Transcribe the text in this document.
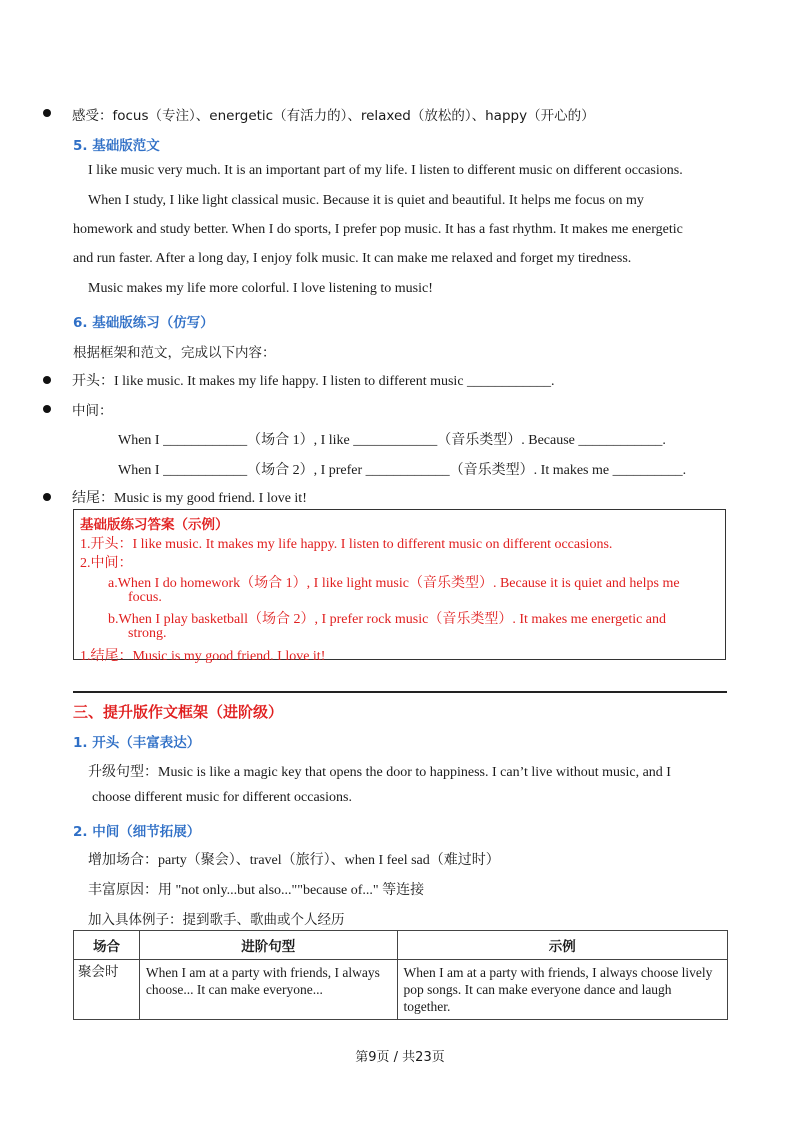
感受：focus（专注）、energetic（有活力的）、relaxed（放松的）、happy（开心的）
5. 基础版范文
I like music very much. It is an important part of my life. I listen to different music on different occasions.
When I study, I like light classical music. Because it is quiet and beautiful. It helps me focus on my
homework and study better. When I do sports, I prefer pop music. It has a fast rhythm. It makes me energetic
and run faster. After a long day, I enjoy folk music. It can make me relaxed and forget my tiredness.
Music makes my life more colorful. I love listening to music!
6. 基础版练习（仿写）
根据框架和范文，完成以下内容：
开头：I like music. It makes my life happy. I listen to different music ____________.
中间：
When I ____________（场合 1）, I like ____________（音乐类型）. Because ____________.
When I ____________（场合 2）, I prefer ____________（音乐类型）. It makes me __________.
结尾：Music is my good friend. I love it!
基础版练习答案（示例）
1.开头：I like music. It makes my life happy. I listen to different music on different occasions.
2.中间：
a.When I do homework（场合 1）, I like light music（音乐类型）. Because it is quiet and helps me
focus.
b.When I play basketball（场合 2）, I prefer rock music（音乐类型）. It makes me energetic and
strong.
1.结尾：Music is my good friend. I love it!
三、提升版作文框架（进阶级）
1. 开头（丰富表达）
升级句型：Music is like a magic key that opens the door to happiness. I can’t live without music, and I
choose different music for different occasions.
2. 中间（细节拓展）
增加场合：party（聚会）、travel（旅行）、when I feel sad（难过时）
丰富原因：用 "not only...but also...""because of..." 等连接
加入具体例子：提到歌手、歌曲或个人经历
场合	进阶句型	示例
聚会时	When I am at a party with friends, I always choose... It can make everyone...	When I am at a party with friends, I always choose lively pop songs. It can make everyone dance and laugh together.
第9页 / 共23页
